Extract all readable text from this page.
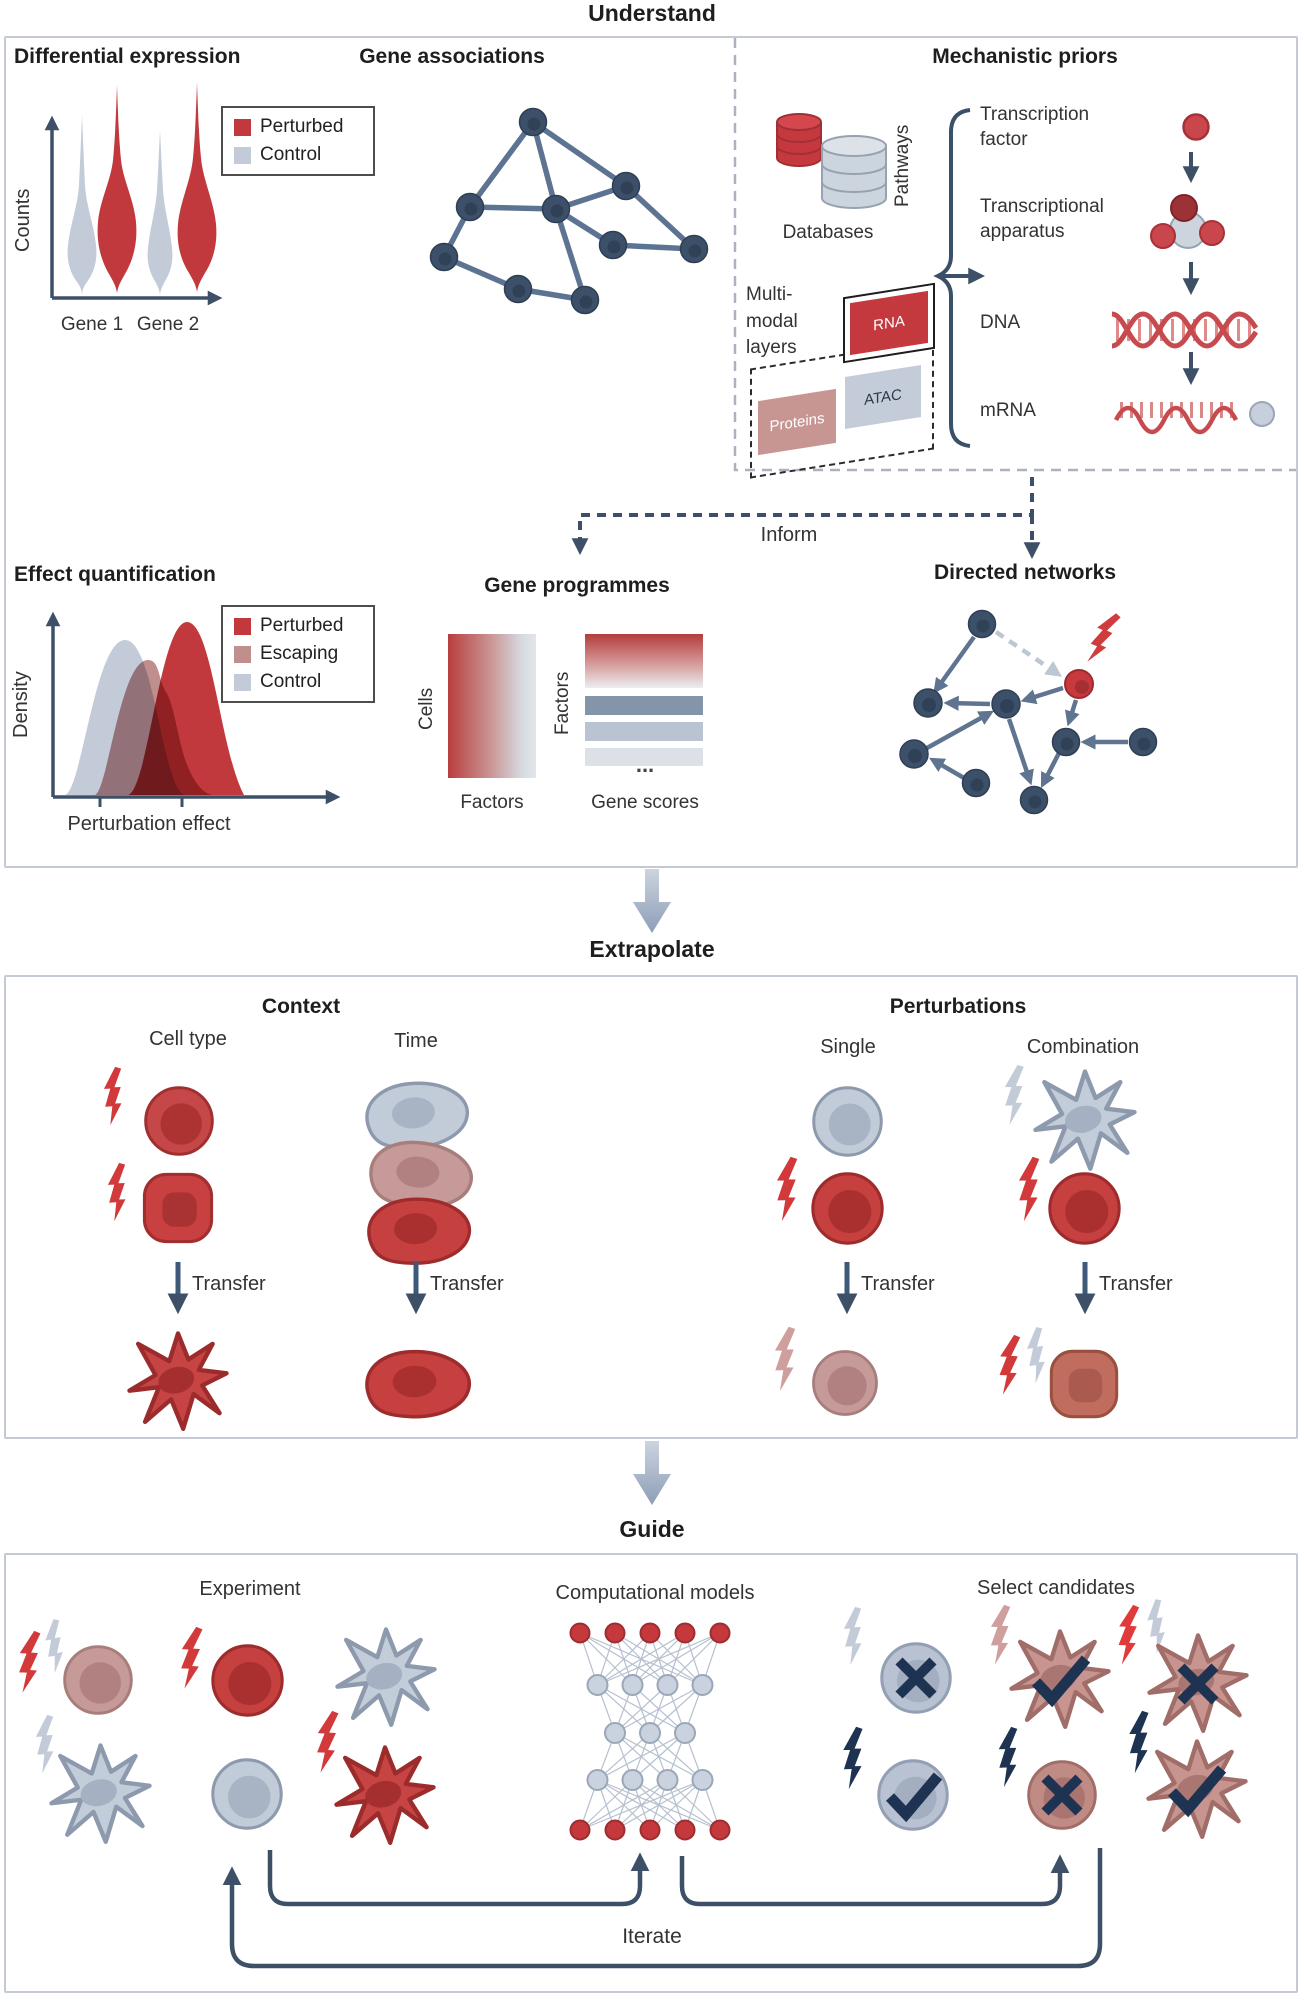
ATAC
Proteins
RNA
Understand
Differential expression
Counts
Gene 1 Gene 2
Perturbed
Control
Gene associations	Mechanistic priors
Databases
Pathways
Multi-modal layers
Transcription factor
Transcriptional apparatus
DNA
mRNA
Inform
Effect quantification
Density
Perturbation effect
Perturbed
Escaping
Control
Gene programmes
Cells
Factors
Factors
...
Gene scores
Directed networks
Extrapolate
Context
Cell type	Time
Transfer	Transfer
Perturbations
Single	Combination
Transfer	Transfer
Guide
Experiment	Computational models	Select candidates
Iterate
